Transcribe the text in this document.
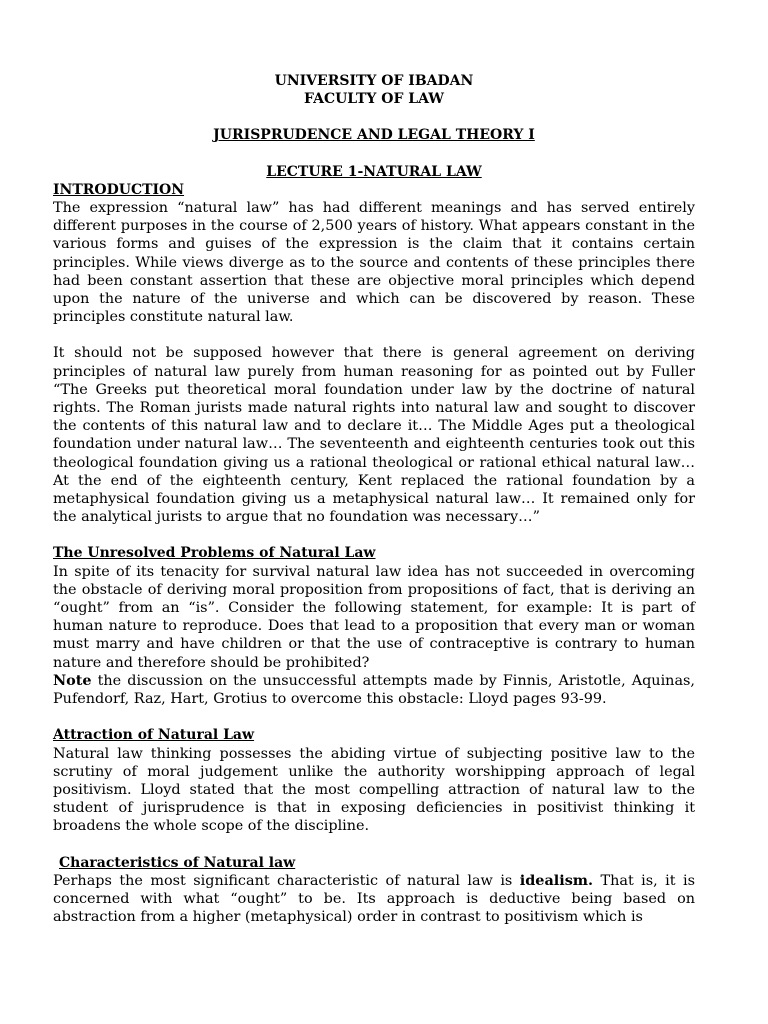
UNIVERSITY OF IBADAN
FACULTY OF LAW
JURISPRUDENCE AND LEGAL THEORY I
LECTURE 1-NATURAL LAW

INTRODUCTION

The expression “natural law” has had different meanings and has served entirely different purposes in the course of 2,500 years of history. What appears constant in the various forms and guises of the expression is the claim that it contains certain principles. While views diverge as to the source and contents of these principles there had been constant assertion that these are objective moral principles which depend upon the nature of the universe and which can be discovered by reason. These principles constitute natural law.

It should not be supposed however that there is general agreement on deriving principles of natural law purely from human reasoning for as pointed out by Fuller “The Greeks put theoretical moral foundation under law by the doctrine of natural rights. The Roman jurists made natural rights into natural law and sought to discover the contents of this natural law and to declare it… The Middle Ages put a theological foundation under natural law… The seventeenth and eighteenth centuries took out this theological foundation giving us a rational theological or rational ethical natural law… At the end of the eighteenth century, Kent replaced the rational foundation by a metaphysical foundation giving us a metaphysical natural law… It remained only for the analytical jurists to argue that no foundation was necessary…”

The Unresolved Problems of Natural Law

In spite of its tenacity for survival natural law idea has not succeeded in overcoming the obstacle of deriving moral proposition from propositions of fact, that is deriving an “ought” from an “is”. Consider the following statement, for example: It is part of human nature to reproduce. Does that lead to a proposition that every man or woman must marry and have children or that the use of contraceptive is contrary to human nature and therefore should be prohibited?

Note the discussion on the unsuccessful attempts made by Finnis, Aristotle, Aquinas, Pufendorf, Raz, Hart, Grotius to overcome this obstacle: Lloyd pages 93-99.

Attraction of Natural Law

Natural law thinking possesses the abiding virtue of subjecting positive law to the scrutiny of moral judgement unlike the authority worshipping approach of legal positivism. Lloyd stated that the most compelling attraction of natural law to the student of jurisprudence is that in exposing deficiencies in positivist thinking it broadens the whole scope of the discipline.

Characteristics of Natural law

Perhaps the most significant characteristic of natural law is idealism. That is, it is concerned with what “ought” to be. Its approach is deductive being based on abstraction from a higher (metaphysical) order in contrast to positivism which is
